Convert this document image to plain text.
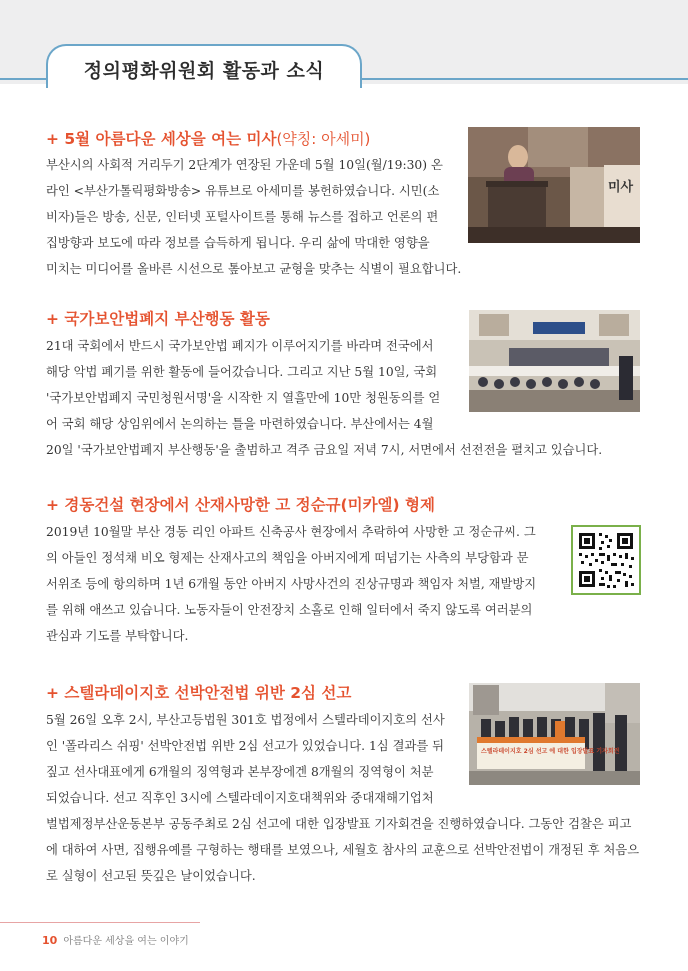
정의평화위원회 활동과 소식
+ 5월 아름다운 세상을 여는 미사(약칭: 아세미)
부산시의 사회적 거리두기 2단계가 연장된 가운데 5월 10일(월/19:30) 온
라인 <부산가톨릭평화방송> 유튜브로 아세미를 봉헌하였습니다. 시민(소
비자)들은 방송, 신문, 인터넷 포털사이트를 통해 뉴스를 접하고 언론의 편
집방향과 보도에 따라 정보를 습득하게 됩니다. 우리 삶에 막대한 영향을
미치는 미디어를 올바른 시선으로 톺아보고 균형을 맞추는 식별이 필요합니다.
미사
+ 국가보안법폐지 부산행동 활동
21대 국회에서 반드시 국가보안법 폐지가 이루어지기를 바라며 전국에서
해당 악법 폐기를 위한 활동에 들어갔습니다. 그리고 지난 5월 10일, 국회
'국가보안법폐지 국민청원서명'을 시작한 지 열흘만에 10만 청원동의를 얻
어 국회 해당 상임위에서 논의하는 틀을 마련하였습니다. 부산에서는 4월
20일 '국가보안법폐지 부산행동'을 출범하고 격주 금요일 저녁 7시, 서면에서 선전전을 펼치고 있습니다.
+ 경동건설 현장에서 산재사망한 고 정순규(미카엘) 형제
2019년 10월말 부산 경동 리인 아파트 신축공사 현장에서 추락하여 사망한 고 정순규씨. 그
의 아들인 정석채 비오 형제는 산재사고의 책임을 아버지에게 떠넘기는 사측의 부당함과 문
서위조 등에 항의하며 1년 6개월 동안 아버지 사망사건의 진상규명과 책임자 처벌, 재발방지
를 위해 애쓰고 있습니다. 노동자들이 안전장치 소홀로 인해 일터에서 죽지 않도록 여러분의
관심과 기도를 부탁합니다.
+ 스텔라데이지호 선박안전법 위반 2심 선고
5월 26일 오후 2시, 부산고등법원 301호 법정에서 스텔라데이지호의 선사
인 '폴라리스 쉬핑' 선박안전법 위반 2심 선고가 있었습니다. 1심 결과를 뒤
짚고 선사대표에게 6개월의 징역형과 본부장에겐 8개월의 징역형이 처분
되었습니다. 선고 직후인 3시에 스텔라데이지호대책위와 중대재해기업처
벌법제정부산운동본부 공동주최로 2심 선고에 대한 입장발표 기자회견을 진행하였습니다. 그동안 검찰은 피고
에 대하여 사면, 집행유예를 구형하는 행태를 보였으나, 세월호 참사의 교훈으로 선박안전법이 개정된 후 처음으
로 실형이 선고된 뜻깊은 날이었습니다.
스텔라데이지호 2심 선고 에 대한 입장발표 기자회견
10 아름다운 세상을 여는 이야기
